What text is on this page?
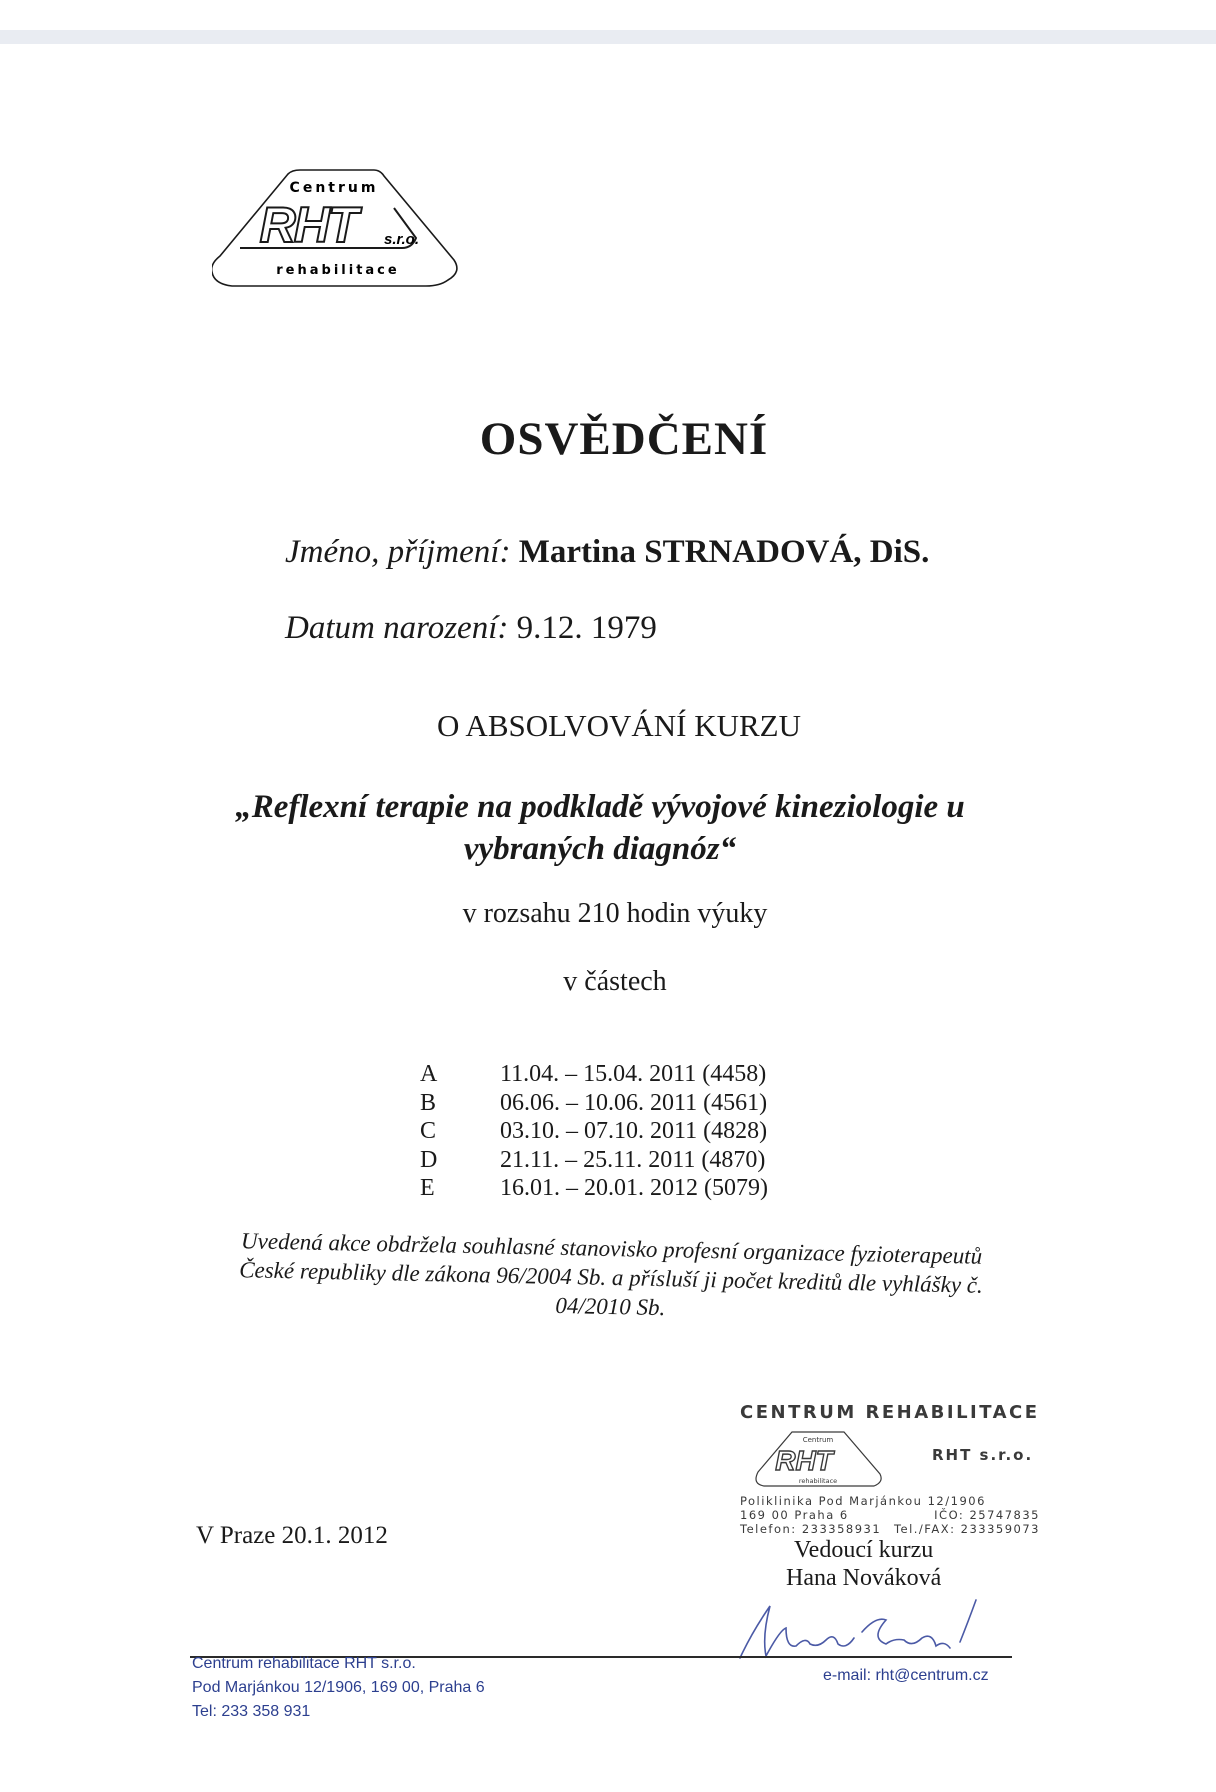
Centrum
RHT	s.r.o.
rehabilitace
OSVĚDČENÍ
Jméno, příjmení: Martina STRNADOVÁ, DiS.
Datum narození: 9.12. 1979
O ABSOLVOVÁNÍ KURZU
„Reflexní terapie na podkladě vývojové kineziologie u
vybraných diagnóz“
v rozsahu 210 hodin výuky
v částech
A	11.04. – 15.04. 2011 (4458)
B	06.06. – 10.06. 2011 (4561)
C	03.10. – 07.10. 2011 (4828)
D	21.11. – 25.11. 2011 (4870)
E	16.01. – 20.01. 2012 (5079)
Uvedená akce obdržela souhlasné stanovisko profesní organizace fyzioterapeutů
České republiky dle zákona 96/2004 Sb. a přísluší ji počet kreditů dle vyhlášky č.
04/2010 Sb.
V Praze 20.1. 2012
CENTRUM REHABILITACE
Centrum
RHT
rehabilitace
RHT s.r.o.
Poliklinika Pod Marjánkou 12/1906
169 00 Praha 6	IČO: 25747835
Telefon: 233358931 Tel./FAX: 233359073
Vedoucí kurzu
Hana Nováková
Centrum rehabilitace RHT s.r.o.
Pod Marjánkou 12/1906, 169 00, Praha 6
Tel: 233 358 931
e-mail: rht@centrum.cz
